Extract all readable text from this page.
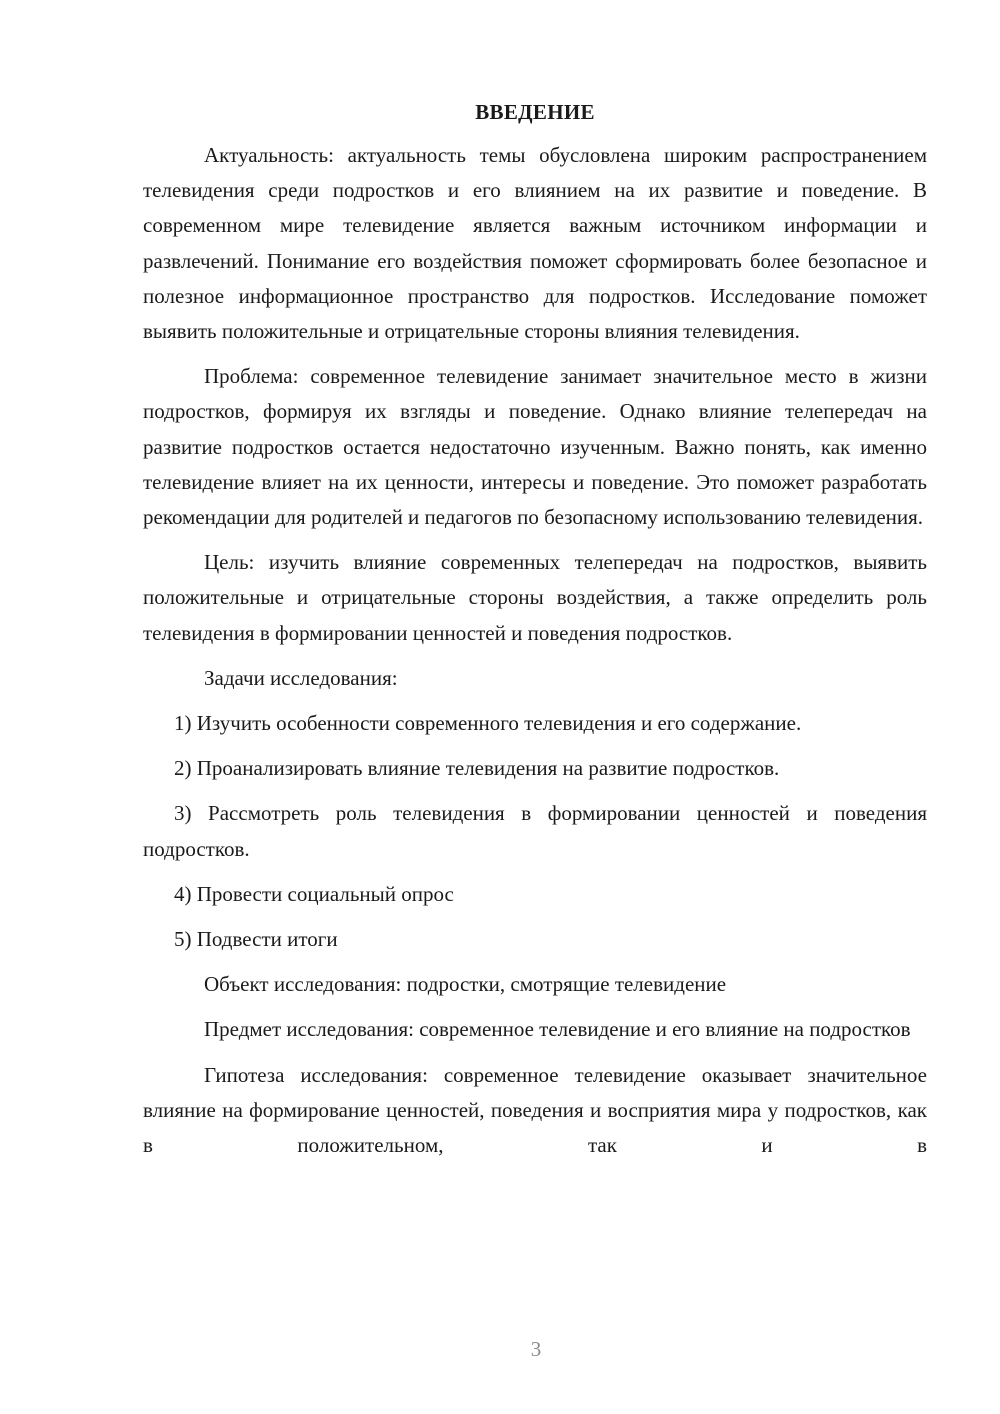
ВВЕДЕНИЕ

Актуальность: актуальность темы обусловлена широким распространением телевидения среди подростков и его влиянием на их развитие и поведение. В современном мире телевидение является важным источником информации и развлечений. Понимание его воздействия поможет сформировать более безопасное и полезное информационное пространство для подростков. Исследование поможет выявить положительные и отрицательные стороны влияния телевидения.

Проблема: современное телевидение занимает значительное место в жизни подростков, формируя их взгляды и поведение. Однако влияние телепередач на развитие подростков остается недостаточно изученным. Важно понять, как именно телевидение влияет на их ценности, интересы и поведение. Это поможет разработать рекомендации для родителей и педагогов по безопасному использованию телевидения.

Цель: изучить влияние современных телепередач на подростков, выявить положительные и отрицательные стороны воздействия, а также определить роль телевидения в формировании ценностей и поведения подростков.

Задачи исследования:

1) Изучить особенности современного телевидения и его содержание.

2) Проанализировать влияние телевидения на развитие подростков.

3) Рассмотреть роль телевидения в формировании ценностей и поведения подростков.

4) Провести социальный опрос

5) Подвести итоги

Объект исследования: подростки, смотрящие телевидение

Предмет исследования: современное телевидение и его влияние на подростков

Гипотеза исследования: современное телевидение оказывает значительное влияние на формирование ценностей, поведения и восприятия мира у подростков, как в положительном, так и в

3
